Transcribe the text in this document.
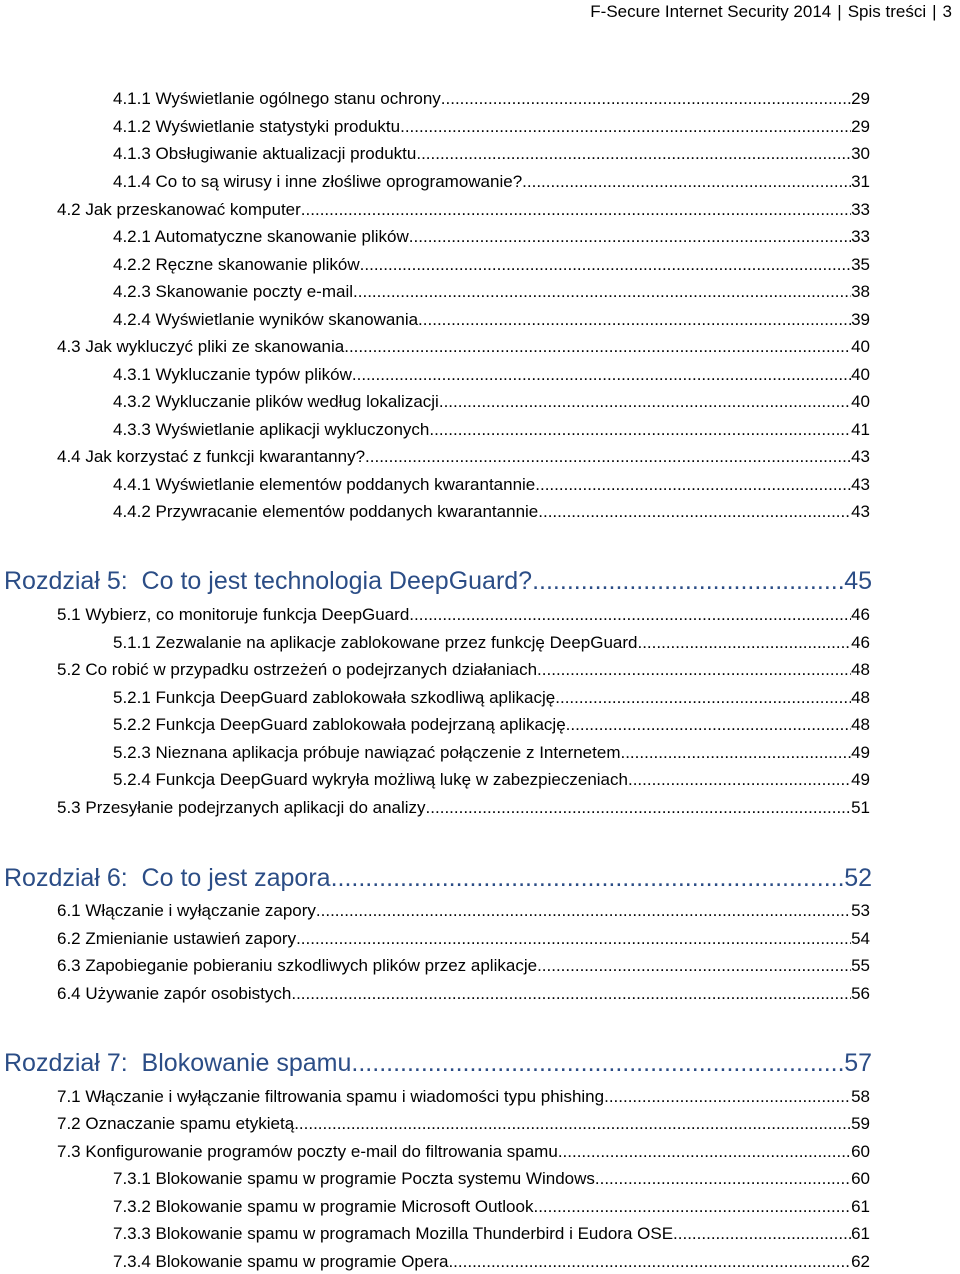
F-Secure Internet Security 2014 | Spis treści | 3
4.1.1 Wyświetlanie ogólnego stanu ochrony .....	29
4.1.2 Wyświetlanie statystyki produktu .....	29
4.1.3 Obsługiwanie aktualizacji produktu .....	30
4.1.4 Co to są wirusy i inne złośliwe oprogramowanie? .....	31
4.2 Jak przeskanować komputer .....	33
4.2.1 Automatyczne skanowanie plików .....	33
4.2.2 Ręczne skanowanie plików .....	35
4.2.3 Skanowanie poczty e-mail .....	38
4.2.4 Wyświetlanie wyników skanowania .....	39
4.3 Jak wykluczyć pliki ze skanowania .....	40
4.3.1 Wykluczanie typów plików .....	40
4.3.2 Wykluczanie plików według lokalizacji .....	40
4.3.3 Wyświetlanie aplikacji wykluczonych .....	41
4.4 Jak korzystać z funkcji kwarantanny? .....	43
4.4.1 Wyświetlanie elementów poddanych kwarantannie .....	43
4.4.2 Przywracanie elementów poddanych kwarantannie .....	43
Rozdział 5:  Co to jest technologia DeepGuard? .....	45
5.1 Wybierz, co monitoruje funkcja DeepGuard .....	46
5.1.1 Zezwalanie na aplikacje zablokowane przez funkcję DeepGuard .....	46
5.2 Co robić w przypadku ostrzeżeń o podejrzanych działaniach .....	48
5.2.1 Funkcja DeepGuard zablokowała szkodliwą aplikację .....	48
5.2.2 Funkcja DeepGuard zablokowała podejrzaną aplikację .....	48
5.2.3 Nieznana aplikacja próbuje nawiązać połączenie z Internetem .....	49
5.2.4 Funkcja DeepGuard wykryła możliwą lukę w zabezpieczeniach .....	49
5.3 Przesyłanie podejrzanych aplikacji do analizy .....	51
Rozdział 6:  Co to jest zapora .....	52
6.1 Włączanie i wyłączanie zapory .....	53
6.2 Zmienianie ustawień zapory .....	54
6.3 Zapobieganie pobieraniu szkodliwych plików przez aplikacje .....	55
6.4 Używanie zapór osobistych .....	56
Rozdział 7:  Blokowanie spamu .....	57
7.1 Włączanie i wyłączanie filtrowania spamu i wiadomości typu phishing .....	58
7.2 Oznaczanie spamu etykietą .....	59
7.3 Konfigurowanie programów poczty e-mail do filtrowania spamu .....	60
7.3.1 Blokowanie spamu w programie Poczta systemu Windows .....	60
7.3.2 Blokowanie spamu w programie Microsoft Outlook .....	61
7.3.3 Blokowanie spamu w programach Mozilla Thunderbird i Eudora OSE .....	61
7.3.4 Blokowanie spamu w programie Opera .....	62
